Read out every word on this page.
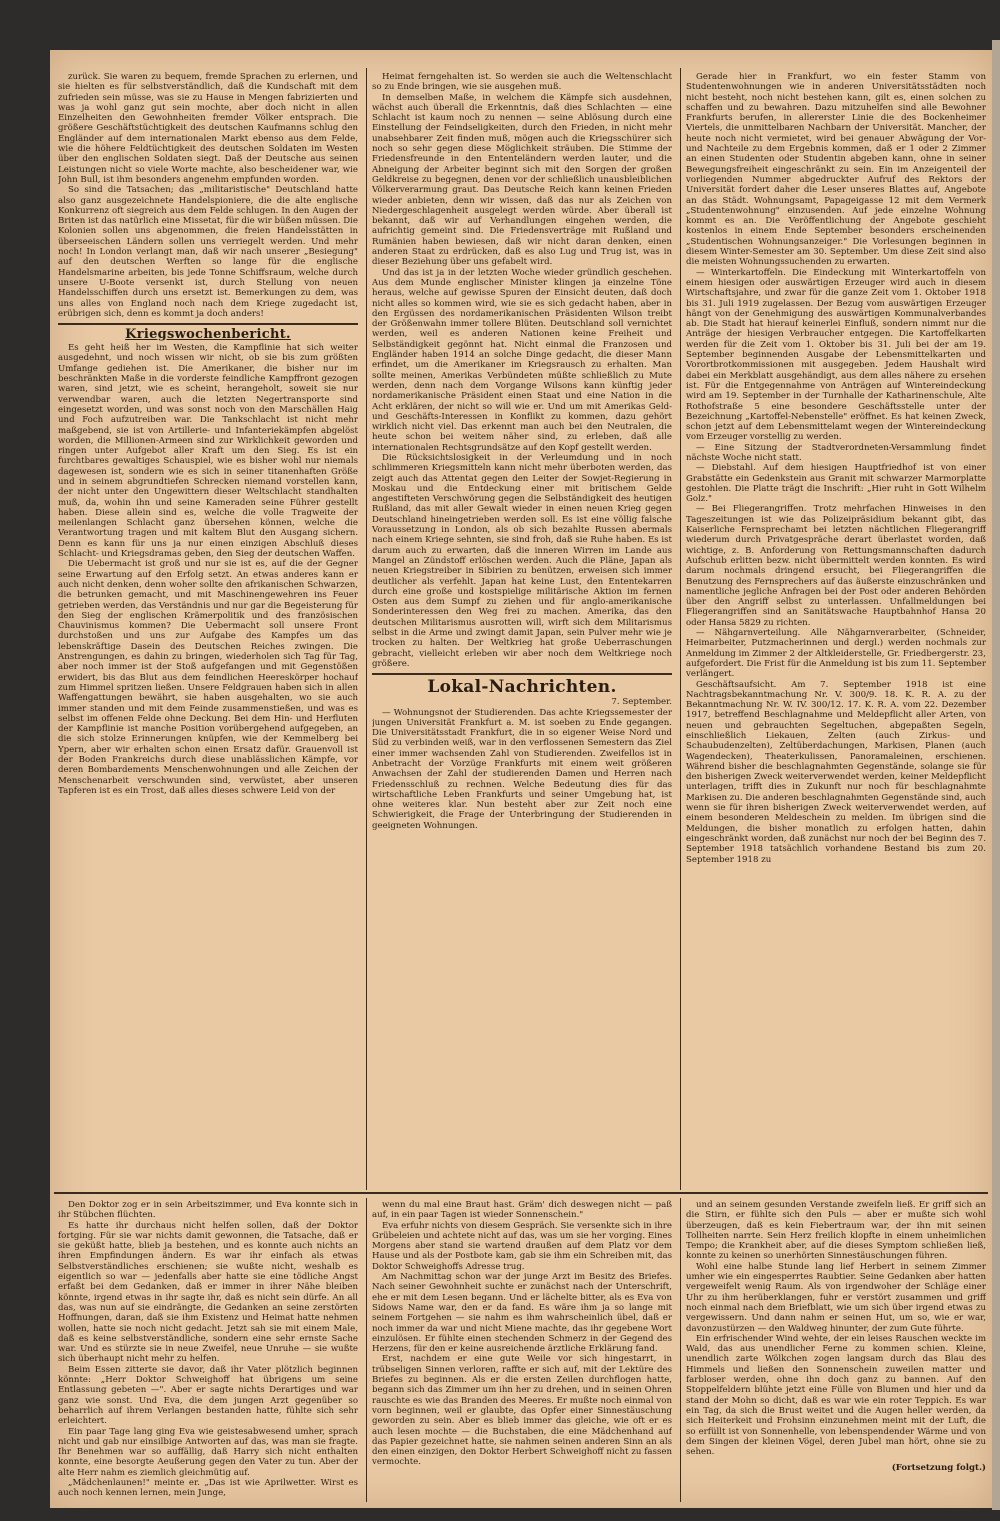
zurück. Sie waren zu bequem, fremde Sprachen zu erlernen, und sie hielten es für selbstverständlich, daß die Kundschaft mit dem zufrieden sein müsse, was sie zu Hause in Mengen fabrizierten und was ja wohl ganz gut sein mochte, aber doch nicht in allen Einzelheiten den Gewohnheiten fremder Völker entsprach. Die größere Geschäftstüchtigkeit des deutschen Kaufmanns schlug den Engländer auf dem internationalen Markt ebenso aus dem Felde, wie die höhere Feldtüchtigkeit des deutschen Soldaten im Westen über den englischen Soldaten siegt. Daß der Deutsche aus seinen Leistungen nicht so viele Worte machte, also bescheidener war, wie John Bull, ist ihm besonders angenehm empfunden worden.

So sind die Tatsachen; das „militaristische" Deutschland hatte also ganz ausgezeichnete Handelspioniere, die die alte englische Konkurrenz oft siegreich aus dem Felde schlugen. In den Augen der Briten ist das natürlich eine Missetat, für die wir büßen müssen. Die Kolonien sollen uns abgenommen, die freien Handelsstätten in überseeischen Ländern sollen uns verriegelt werden. Und mehr noch! In London verlangt man, daß wir nach unserer „Besiegung" auf den deutschen Werften so lange für die englische Handelsmarine arbeiten, bis jede Tonne Schiffsraum, welche durch unsere U-Boote versenkt ist, durch Stellung von neuen Handelsschiffen durch uns ersetzt ist. Bemerkungen zu dem, was uns alles von England noch nach dem Kriege zugedacht ist, erübrigen sich, denn es kommt ja doch anders!

Kriegswochenbericht.

Es geht heiß her im Westen, die Kampflinie hat sich weiter ausgedehnt, und noch wissen wir nicht, ob sie bis zum größten Umfange gediehen ist. Die Amerikaner, die bisher nur im beschränkten Maße in die vorderste feindliche Kampffront gezogen waren, sind jetzt, wie es scheint, herangeholt, soweit sie nur verwendbar waren, auch die letzten Negertransporte sind eingesetzt worden, und was sonst noch von den Marschällen Haig und Foch aufzutreiben war. Die Tankschlacht ist nicht mehr maßgebend, sie ist von Artillerie- und Infanteriekämpfen abgelöst worden, die Millionen-Armeen sind zur Wirklichkeit geworden und ringen unter Aufgebot aller Kraft um den Sieg. Es ist ein furchtbares gewaltiges Schauspiel, wie es bisher wohl nur niemals dagewesen ist, sondern wie es sich in seiner titanenhaften Größe und in seinem abgrundtiefen Schrecken niemand vorstellen kann, der nicht unter den Ungewittern dieser Weltschlacht standhalten muß, da, wohin ihn und seine Kameraden seine Führer gestellt haben. Diese allein sind es, welche die volle Tragweite der meilenlangen Schlacht ganz übersehen können, welche die Verantwortung tragen und mit kaltem Blut den Ausgang sichern. Denn es kann für uns ja nur einen einzigen Abschluß dieses Schlacht- und Kriegsdramas geben, den Sieg der deutschen Waffen.

Die Uebermacht ist groß und nur sie ist es, auf die der Gegner seine Erwartung auf den Erfolg setzt. An etwas anderes kann er auch nicht denken, denn woher sollte den afrikanischen Schwarzen, die betrunken gemacht, und mit Maschinengewehren ins Feuer getrieben werden, das Verständnis und nur gar die Begeisterung für den Sieg der englischen Krämerpolitik und des französischen Chauvinismus kommen? Die Uebermacht soll unsere Front durchstoßen und uns zur Aufgabe des Kampfes um das lebenskräftige Dasein des Deutschen Reiches zwingen. Die Anstrengungen, es dahin zu bringen, wiederholen sich Tag für Tag, aber noch immer ist der Stoß aufgefangen und mit Gegenstößen erwidert, bis das Blut aus dem feindlichen Heereskörper hochauf zum Himmel spritzen ließen. Unsere Feldgrauen haben sich in allen Waffengattungen bewährt, sie haben ausgehalten, wo sie auch immer standen und mit dem Feinde zusammenstießen, und was es selbst im offenen Felde ohne Deckung. Bei dem Hin- und Herfluten der Kampflinie ist manche Position vorübergehend aufgegeben, an die sich stolze Erinnerungen knüpfen, wie der Kemmelberg bei Ypern, aber wir erhalten schon einen Ersatz dafür. Grauenvoll ist der Boden Frankreichs durch diese unablässlichen Kämpfe, vor deren Bombardements Menschenwohnungen und alle Zeichen der Menschenarbeit verschwunden sind, verwüstet, aber unseren Tapferen ist es ein Trost, daß alles dieses schwere Leid von der

Heimat ferngehalten ist. So werden sie auch die Weltenschlacht so zu Ende bringen, wie sie ausgehen muß.

In demselben Maße, in welchem die Kämpfe sich ausdehnen, wächst auch überall die Erkenntnis, daß dies Schlachten — eine Schlacht ist kaum noch zu nennen — seine Ablösung durch eine Einstellung der Feindseligkeiten, durch den Frieden, in nicht mehr unabsehbarer Zeit finden muß, mögen auch die Kriegsschürer sich noch so sehr gegen diese Möglichkeit sträuben. Die Stimme der Friedensfreunde in den Ententeländern werden lauter, und die Abneigung der Arbeiter beginnt sich mit den Sorgen der großen Geldkreise zu begegnen, denen vor der schließlich unausbleiblichen Völkerverarmung graut. Das Deutsche Reich kann keinen Frieden wieder anbieten, denn wir wissen, daß das nur als Zeichen von Niedergeschlagenheit ausgelegt werden würde. Aber überall ist bekannt, daß wir auf Verhandlungen eingehen werden, die aufrichtig gemeint sind. Die Friedensverträge mit Rußland und Rumänien haben bewiesen, daß wir nicht daran denken, einen anderen Staat zu erdrücken, daß es also Lug und Trug ist, was in dieser Beziehung über uns gefabelt wird.

Und das ist ja in der letzten Woche wieder gründlich geschehen. Aus dem Munde englischer Minister klingen ja einzelne Töne heraus, welche auf gewisse Spuren der Einsicht deuten, daß doch nicht alles so kommen wird, wie sie es sich gedacht haben, aber in den Ergüssen des nordamerikanischen Präsidenten Wilson treibt der Größenwahn immer tollere Blüten. Deutschland soll vernichtet werden, weil es anderen Nationen keine Freiheit und Selbständigkeit gegönnt hat. Nicht einmal die Franzosen und Engländer haben 1914 an solche Dinge gedacht, die dieser Mann erfindet, um die Amerikaner im Kriegsrausch zu erhalten. Man sollte meinen, Amerikas Verbündeten müßte schließlich zu Mute werden, denn nach dem Vorgange Wilsons kann künftig jeder nordamerikanische Präsident einen Staat und eine Nation in die Acht erklären, der nicht so will wie er. Und um mit Amerikas Geld- und Geschäfts-Interessen in Konflikt zu kommen, dazu gehört wirklich nicht viel. Das erkennt man auch bei den Neutralen, die heute schon bei weitem näher sind, zu erleben, daß alle internationalen Rechtsgrundsätze auf den Kopf gestellt werden.

Die Rücksichtslosigkeit in der Verleumdung und in noch schlimmeren Kriegsmitteln kann nicht mehr überboten werden, das zeigt auch das Attentat gegen den Leiter der Sowjet-Regierung in Moskau und die Entdeckung einer mit britischem Gelde angestifteten Verschwörung gegen die Selbständigkeit des heutigen Rußland, das mit aller Gewalt wieder in einen neuen Krieg gegen Deutschland hineingetrieben werden soll. Es ist eine völlig falsche Voraussetzung in London, als ob sich bezahlte Russen abermals nach einem Kriege sehnten, sie sind froh, daß sie Ruhe haben. Es ist darum auch zu erwarten, daß die inneren Wirren im Lande aus Mangel an Zündstoff erlöschen werden. Auch die Pläne, Japan als neuen Kriegstreiber in Sibirien zu benützen, erweisen sich immer deutlicher als verfehlt. Japan hat keine Lust, den Ententekarren durch eine große und kostspielige militärische Aktion im fernen Osten aus dem Sumpf zu ziehen und für anglo-amerikanische Sonderinteressen den Weg frei zu machen. Amerika, das den deutschen Militarismus ausrotten will, wirft sich dem Militarismus selbst in die Arme und zwingt damit Japan, sein Pulver mehr wie je trocken zu halten. Der Weltkrieg hat große Ueberraschungen gebracht, vielleicht erleben wir aber noch dem Weltkriege noch größere.

Lokal-Nachrichten.

7. September.

— Wohnungsnot der Studierenden. Das achte Kriegssemester der jungen Universität Frankfurt a. M. ist soeben zu Ende gegangen. Die Universitätsstadt Frankfurt, die in so eigener Weise Nord und Süd zu verbinden weiß, war in den verflossenen Semestern das Ziel einer immer wachsenden Zahl von Studierenden. Zweifellos ist in Anbetracht der Vorzüge Frankfurts mit einem weit größeren Anwachsen der Zahl der studierenden Damen und Herren nach Friedensschluß zu rechnen. Welche Bedeutung dies für das wirtschaftliche Leben Frankfurts und seiner Umgebung hat, ist ohne weiteres klar. Nun besteht aber zur Zeit noch eine Schwierigkeit, die Frage der Unterbringung der Studierenden in geeigneten Wohnungen.

Gerade hier in Frankfurt, wo ein fester Stamm von Studentenwohnungen wie in anderen Universitätsstädten noch nicht besteht, noch nicht bestehen kann, gilt es, einen solchen zu schaffen und zu bewahren. Dazu mitzuhelfen sind alle Bewohner Frankfurts berufen, in allererster Linie die des Bockenheimer Viertels, die unmittelbaren Nachbarn der Universität. Mancher, der heute noch nicht vermietet, wird bei genauer Abwägung der Vor- und Nachteile zu dem Ergebnis kommen, daß er 1 oder 2 Zimmer an einen Studenten oder Studentin abgeben kann, ohne in seiner Bewegungsfreiheit eingeschränkt zu sein. Ein im Anzeigenteil der vorliegenden Nummer abgedruckter Aufruf des Rektors der Universität fordert daher die Leser unseres Blattes auf, Angebote an das Städt. Wohnungsamt, Papageigasse 12 mit dem Vermerk „Studentenwohnung" einzusenden. Auf jede einzelne Wohnung kommt es an. Die Veröffentlichung der Angebote geschieht kostenlos in einem Ende September besonders erscheinenden „Studentischen Wohnungsanzeiger." Die Vorlesungen beginnen in diesem Winter-Semester am 30. September. Um diese Zeit sind also die meisten Wohnungssuchenden zu erwarten.

— Winterkartoffeln. Die Eindeckung mit Winterkartoffeln von einem hiesigen oder auswärtigen Erzeuger wird auch in diesem Wirtschaftsjahre, und zwar für die ganze Zeit vom 1. Oktober 1918 bis 31. Juli 1919 zugelassen. Der Bezug vom auswärtigen Erzeuger hängt von der Genehmigung des auswärtigen Kommunalverbandes ab. Die Stadt hat hierauf keinerlei Einfluß, sondern nimmt nur die Anträge der hiesigen Verbraucher entgegen. Die Kartoffelkarten werden für die Zeit vom 1. Oktober bis 31. Juli bei der am 19. September beginnenden Ausgabe der Lebensmittelkarten und Vorortbrotkommissionen mit ausgegeben. Jedem Haushalt wird dabei ein Merkblatt ausgehändigt, aus dem alles nähere zu ersehen ist. Für die Entgegennahme von Anträgen auf Wintereindeckung wird am 19. September in der Turnhalle der Katharinenschule, Alte Rothofstraße 5 eine besondere Geschäftsstelle unter der Bezeichnung „Kartoffel-Nebenstelle" eröffnet. Es hat keinen Zweck, schon jetzt auf dem Lebensmittelamt wegen der Wintereindeckung vom Erzeuger vorstellig zu werden.

— Eine Sitzung der Stadtverordneten-Versammlung findet nächste Woche nicht statt.

— Diebstahl. Auf dem hiesigen Hauptfriedhof ist von einer Grabstätte ein Gedenkstein aus Granit mit schwarzer Marmorplatte gestohlen. Die Platte trägt die Inschrift: „Hier ruht in Gott Wilhelm Golz."

— Bei Fliegerangriffen. Trotz mehrfachen Hinweises in den Tageszeitungen ist wie das Polizeipräsidium bekannt gibt, das Kaiserliche Fernsprechamt bei letzten nächtlichen Fliegerangriff wiederum durch Privatgespräche derart überlastet worden, daß wichtige, z. B. Anforderung von Rettungsmannschaften dadurch Aufschub erlitten bezw. nicht übermittelt werden konnten. Es wird darum nochmals dringend ersucht, bei Fliegerangriffen die Benutzung des Fernsprechers auf das äußerste einzuschränken und namentliche jegliche Anfragen bei der Post oder anderen Behörden über den Angriff selbst zu unterlassen. Unfallmeldungen bei Fliegerangriffen sind an Sanitätswache Hauptbahnhof Hansa 20 oder Hansa 5829 zu richten.

— Nähgarnverteilung. Alle Nähgarnverarbeiter, (Schneider, Heimarbeiter, Putzmacherinnen und dergl.) werden nochmals zur Anmeldung im Zimmer 2 der Altkleiderstelle, Gr. Friedbergerstr. 23, aufgefordert. Die Frist für die Anmeldung ist bis zum 11. September verlängert.

Geschäftsaufsicht. Am 7. September 1918 ist eine Nachtragsbekanntmachung Nr. V. 300/9. 18. K. R. A. zu der Bekanntmachung Nr. W. IV. 300/12. 17. K. R. A. vom 22. Dezember 1917, betreffend Beschlagnahme und Meldepflicht aller Arten, von neuen und gebrauchten Segeltuchen, abgepaßten Segeln, einschließlich Liekauen, Zelten (auch Zirkus- und Schaubudenzelten), Zeltüberdachungen, Markisen, Planen (auch Wagendecken), Theaterkulissen, Panoramaleinen, erschienen. Während bisher die beschlagnahmten Gegenstände, solange sie für den bisherigen Zweck weiterverwendet werden, keiner Meldepflicht unterlagen, trifft dies in Zukunft nur noch für beschlagnahmte Markisen zu. Die anderen beschlagnahmten Gegenstände sind, auch wenn sie für ihren bisherigen Zweck weiterverwendet werden, auf einem besonderen Meldeschein zu melden. Im übrigen sind die Meldungen, die bisher monatlich zu erfolgen hatten, dahin eingeschränkt worden, daß zunächst nur noch der bei Beginn des 7. September 1918 tatsächlich vorhandene Bestand bis zum 20. September 1918 zu

Den Doktor zog er in sein Arbeitszimmer, und Eva konnte sich in ihr Stübchen flüchten.

Es hatte ihr durchaus nicht helfen sollen, daß der Doktor fortging. Für sie war nichts damit gewonnen, die Tatsache, daß er sie geküßt hatte, blieb ja bestehen, und es konnte auch nichts an ihren Empfindungen ändern. Es war ihr einfach als etwas Selbstverständliches erschienen; sie wußte nicht, weshalb es eigentlich so war — jedenfalls aber hatte sie eine tödliche Angst erfaßt bei dem Gedanken, daß er immer in ihrer Nähe bleiben könnte, irgend etwas in ihr sagte ihr, daß es nicht sein dürfe. An all das, was nun auf sie eindrängte, die Gedanken an seine zerstörten Hoffnungen, daran, daß sie ihm Existenz und Heimat hatte nehmen wollen, hatte sie noch nicht gedacht. Jetzt sah sie mit einem Male, daß es keine selbstverständliche, sondern eine sehr ernste Sache war. Und es stürzte sie in neue Zweifel, neue Unruhe — sie wußte sich überhaupt nicht mehr zu helfen.

Beim Essen zitterte sie davor, daß ihr Vater plötzlich beginnen könnte: „Herr Doktor Schweighoff hat übrigens um seine Entlassung gebeten —". Aber er sagte nichts Derartiges und war ganz wie sonst. Und Eva, die dem jungen Arzt gegenüber so beharrlich auf ihrem Verlangen bestanden hatte, fühlte sich sehr erleichtert.

Ein paar Tage lang ging Eva wie geistesabwesend umher, sprach nicht und gab nur einsilbige Antworten auf das, was man sie fragte. Ihr Benehmen war so auffällig, daß Harry sich nicht enthalten konnte, eine besorgte Aeußerung gegen den Vater zu tun. Aber der alte Herr nahm es ziemlich gleichmütig auf.

„Mädchenlaunen!" meinte er. „Das ist wie Aprilwetter. Wirst es auch noch kennen lernen, mein Junge,

wenn du mal eine Braut hast. Gräm' dich deswegen nicht — paß auf, in ein paar Tagen ist wieder Sonnenschein."

Eva erfuhr nichts von diesem Gespräch. Sie versenkte sich in ihre Grübeleien und achtete nicht auf das, was um sie her vorging. Eines Morgens aber stand sie wartend draußen auf dem Platz vor dem Hause und als der Postbote kam, gab sie ihm ein Schreiben mit, das Doktor Schweighoffs Adresse trug.

Am Nachmittag schon war der junge Arzt im Besitz des Briefes. Nach seiner Gewohnheit suchte er zunächst nach der Unterschrift, ehe er mit dem Lesen begann. Und er lächelte bitter, als es Eva von Sidows Name war, den er da fand. Es wäre ihm ja so lange mit seinem Fortgehen — sie nahm es ihm wahrscheinlich übel, daß er noch immer da war und nicht Miene machte, das ihr gegebene Wort einzulösen. Er fühlte einen stechenden Schmerz in der Gegend des Herzens, für den er keine ausreichende ärztliche Erklärung fand.

Erst, nachdem er eine gute Weile vor sich hingestarrt, in trübseligen Sinnen verloren, raffte er sich auf, mit der Lektüre des Briefes zu beginnen. Als er die ersten Zeilen durchflogen hatte, begann sich das Zimmer um ihn her zu drehen, und in seinen Ohren rauschte es wie das Branden des Meeres. Er mußte noch einmal von vorn beginnen, weil er glaubte, das Opfer einer Sinnestäuschung geworden zu sein. Aber es blieb immer das gleiche, wie oft er es auch lesen mochte — die Buchstaben, die eine Mädchenhand auf das Papier gezeichnet hatte, sie nahmen seinen anderen Sinn an als den einen einzigen, den Doktor Herbert Schweighoff nicht zu fassen vermochte.

und an seinem gesunden Verstande zweifeln ließ. Er griff sich an die Stirn, er fühlte sich den Puls — aber er mußte sich wohl überzeugen, daß es kein Fiebertraum war, der ihn mit seinen Tollheiten narrte. Sein Herz freilich klopfte in einem unheimlichen Tempo; die Krankheit aber, auf die dieses Symptom schließen ließ, konnte zu keinen so unerhörten Sinnestäuschungen führen.

Wohl eine halbe Stunde lang lief Herbert in seinem Zimmer umher wie ein eingesperrtes Raubtier. Seine Gedanken aber hatten vergeweifelt wenig Raum. Als von irgendwoher der Schläge einer Uhr zu ihm herüberklangen, fuhr er verstört zusammen und griff noch einmal nach dem Briefblatt, wie um sich über irgend etwas zu vergewissern. Und dann nahm er seinen Hut, um so, wie er war, davonzustürzen — den Waldweg hinunter, der zum Gute führte.

Ein erfrischender Wind wehte, der ein leises Rauschen weckte im Wald, das aus unendlicher Ferne zu kommen schien. Kleine, unendlich zarte Wölkchen zogen langsam durch das Blau des Himmels und ließen den Sonnenschein zuweilen matter und farbloser werden, ohne ihn doch ganz zu bannen. Auf den Stoppelfeldern blühte jetzt eine Fülle von Blumen und hier und da stand der Mohn so dicht, daß es war wie ein roter Teppich. Es war ein Tag, da sich die Brust weitet und die Augen heller werden, da sich Heiterkeit und Frohsinn einzunehmen meint mit der Luft, die so erfüllt ist von Sonnenhelle, von lebenspendender Wärme und von dem Singen der kleinen Vögel, deren Jubel man hört, ohne sie zu sehen.

(Fortsetzung folgt.)
